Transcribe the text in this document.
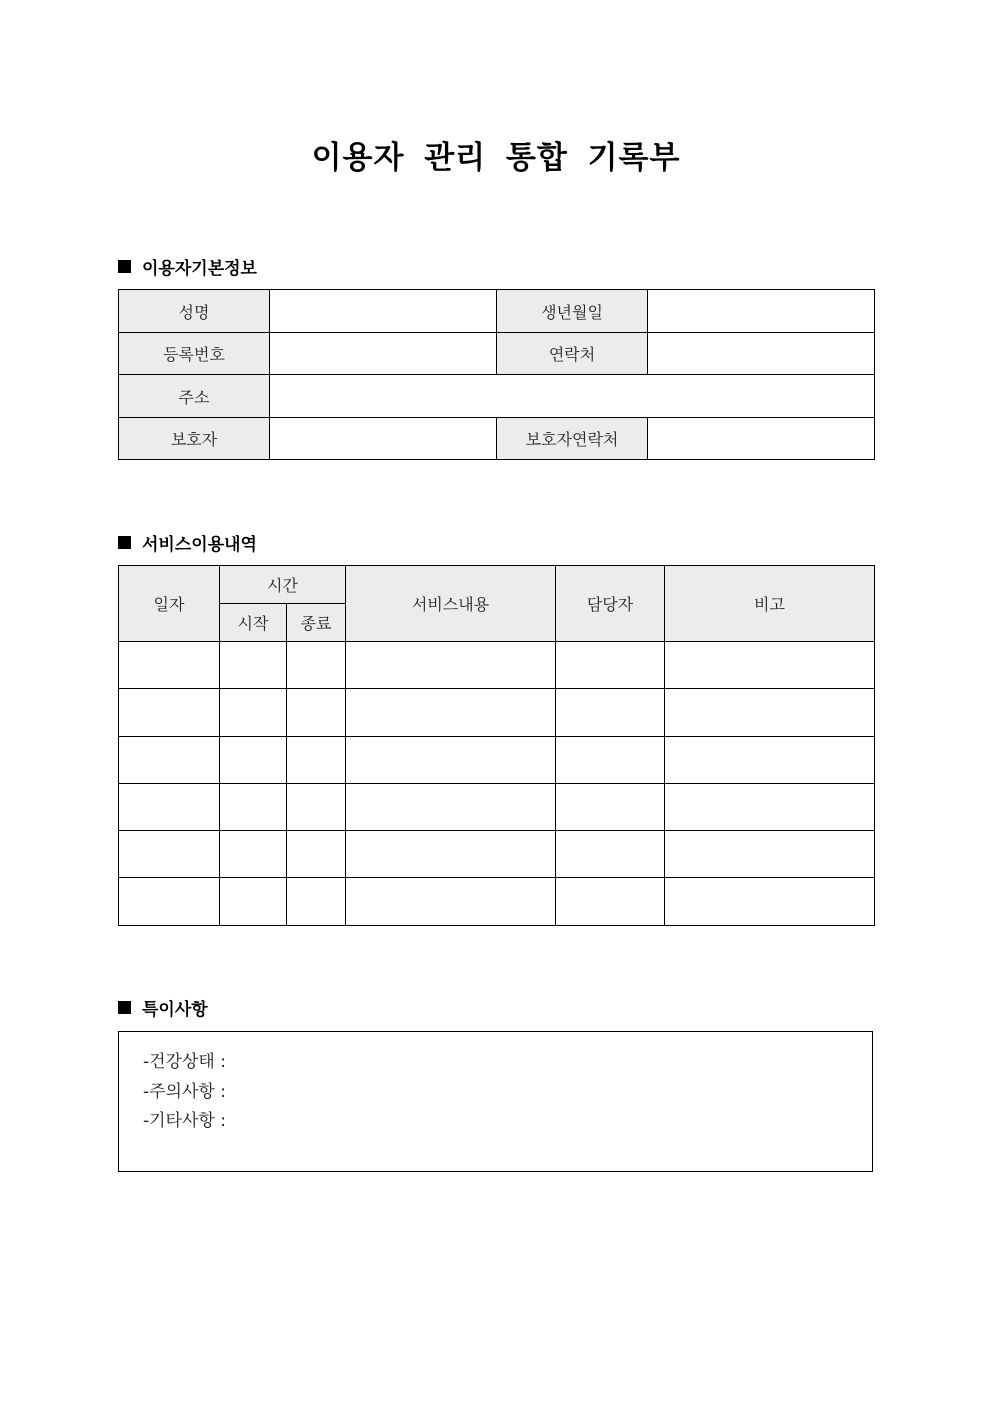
이용자 관리 통합 기록부
이용자기본정보
성명		생년월일	
등록번호		연락처	
주소			
보호자		보호자연락처	
서비스이용내역
일자	시간		서비스내용	담당자	비고
	시작	종료			

특이사항
-건강상태 :
-주의사항 :
-기타사항 :
